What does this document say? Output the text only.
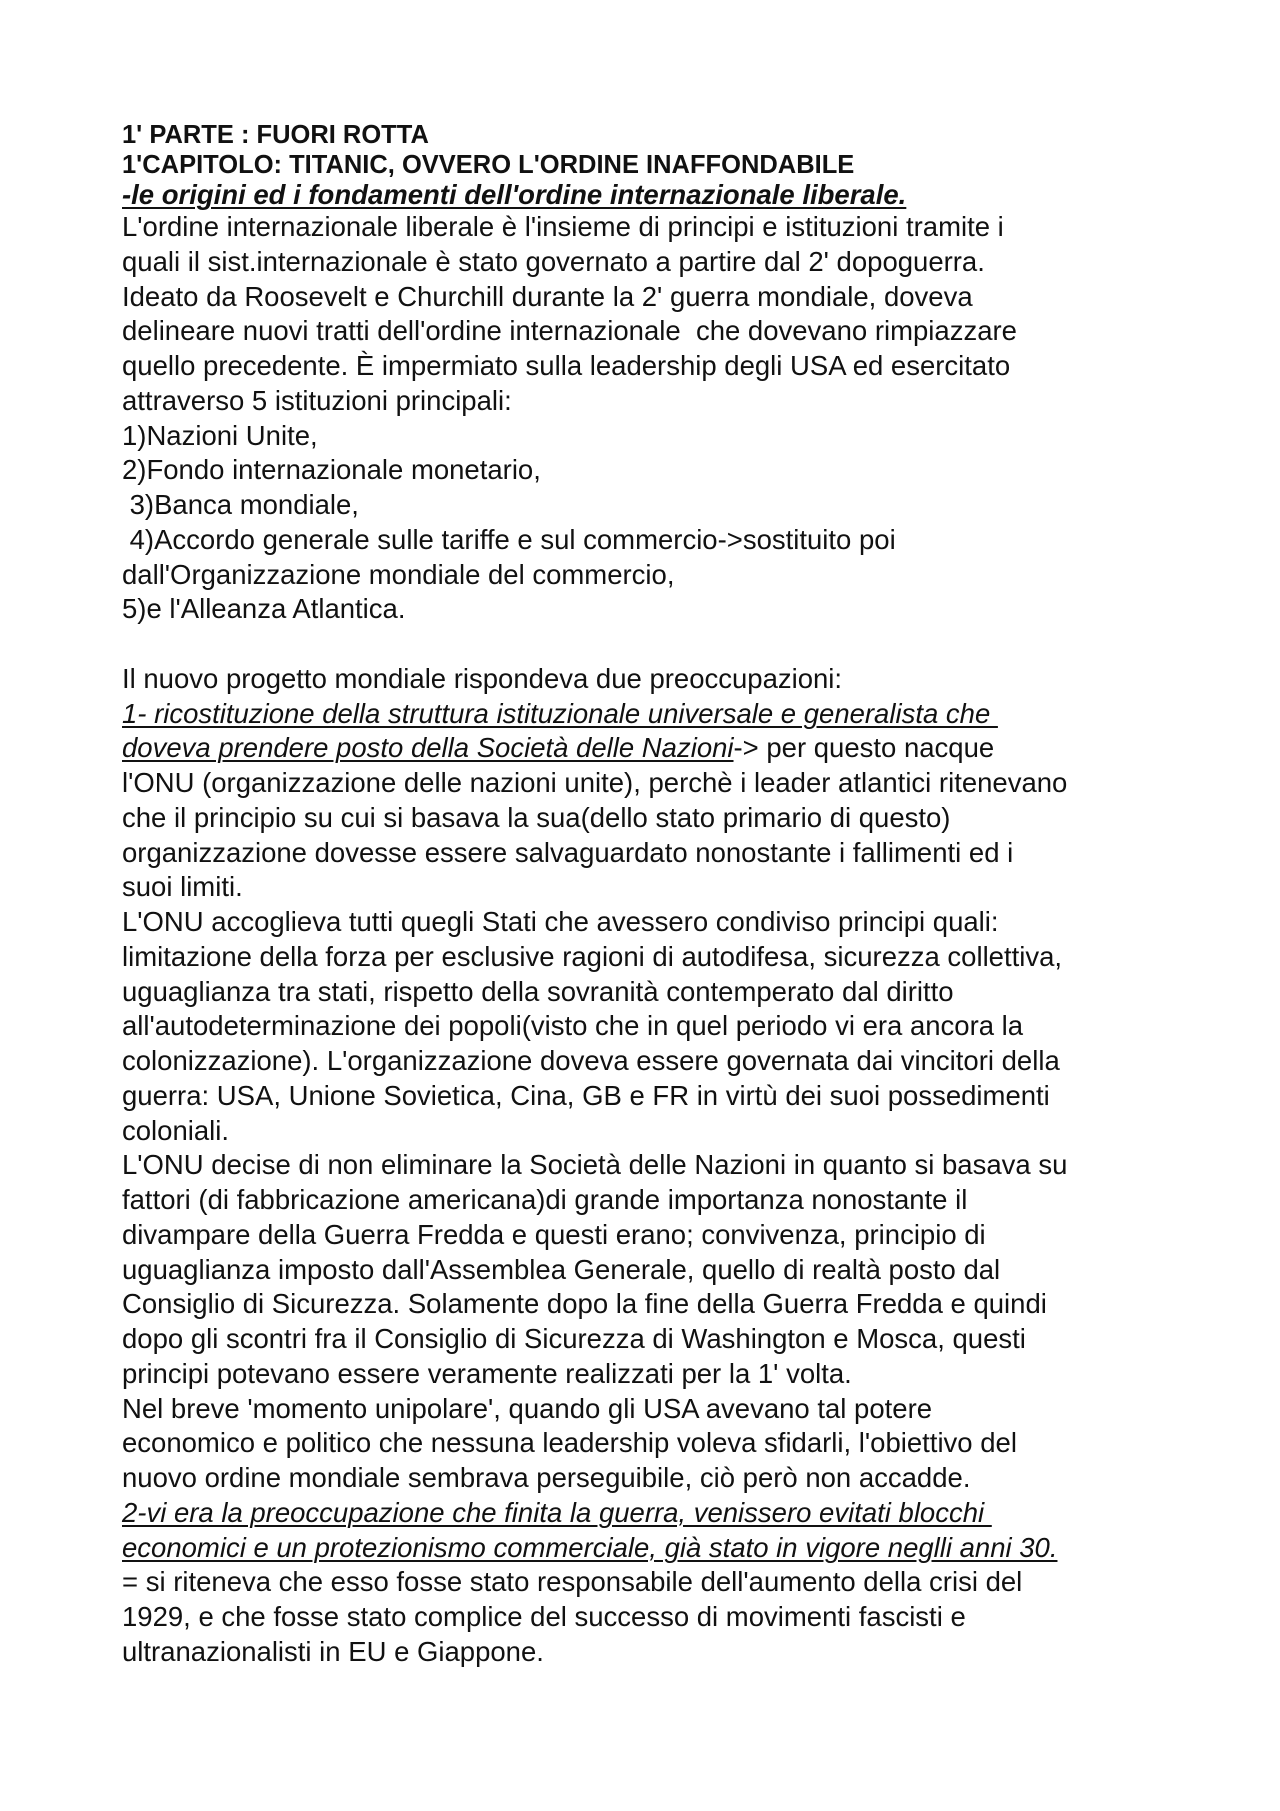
1' PARTE : FUORI ROTTA
1'CAPITOLO: TITANIC, OVVERO L'ORDINE INAFFONDABILE
-le origini ed i fondamenti dell'ordine internazionale liberale.
L'ordine internazionale liberale è l'insieme di principi e istituzioni tramite i
quali il sist.internazionale è stato governato a partire dal 2' dopoguerra.
Ideato da Roosevelt e Churchill durante la 2' guerra mondiale, doveva
delineare nuovi tratti dell'ordine internazionale  che dovevano rimpiazzare
quello precedente. È impermiato sulla leadership degli USA ed esercitato
attraverso 5 istituzioni principali:
1)Nazioni Unite,
2)Fondo internazionale monetario,
3)Banca mondiale,
4)Accordo generale sulle tariffe e sul commercio->sostituito poi
dall'Organizzazione mondiale del commercio,
5)e l'Alleanza Atlantica.
Il nuovo progetto mondiale rispondeva due preoccupazioni:
1- ricostituzione della struttura istituzionale universale e generalista che
doveva prendere posto della Società delle Nazioni-> per questo nacque
l'ONU (organizzazione delle nazioni unite), perchè i leader atlantici ritenevano
che il principio su cui si basava la sua(dello stato primario di questo)
organizzazione dovesse essere salvaguardato nonostante i fallimenti ed i
suoi limiti.
L'ONU accoglieva tutti quegli Stati che avessero condiviso principi quali:
limitazione della forza per esclusive ragioni di autodifesa, sicurezza collettiva,
uguaglianza tra stati, rispetto della sovranità contemperato dal diritto
all'autodeterminazione dei popoli(visto che in quel periodo vi era ancora la
colonizzazione). L'organizzazione doveva essere governata dai vincitori della
guerra: USA, Unione Sovietica, Cina, GB e FR in virtù dei suoi possedimenti
coloniali.
L'ONU decise di non eliminare la Società delle Nazioni in quanto si basava su
fattori (di fabbricazione americana)di grande importanza nonostante il
divampare della Guerra Fredda e questi erano; convivenza, principio di
uguaglianza imposto dall'Assemblea Generale, quello di realtà posto dal
Consiglio di Sicurezza. Solamente dopo la fine della Guerra Fredda e quindi
dopo gli scontri fra il Consiglio di Sicurezza di Washington e Mosca, questi
principi potevano essere veramente realizzati per la 1' volta.
Nel breve 'momento unipolare', quando gli USA avevano tal potere
economico e politico che nessuna leadership voleva sfidarli, l'obiettivo del
nuovo ordine mondiale sembrava perseguibile, ciò però non accadde.
2-vi era la preoccupazione che finita la guerra, venissero evitati blocchi
economici e un protezionismo commerciale, già stato in vigore neglli anni 30.
= si riteneva che esso fosse stato responsabile dell'aumento della crisi del
1929, e che fosse stato complice del successo di movimenti fascisti e
ultranazionalisti in EU e Giappone.
